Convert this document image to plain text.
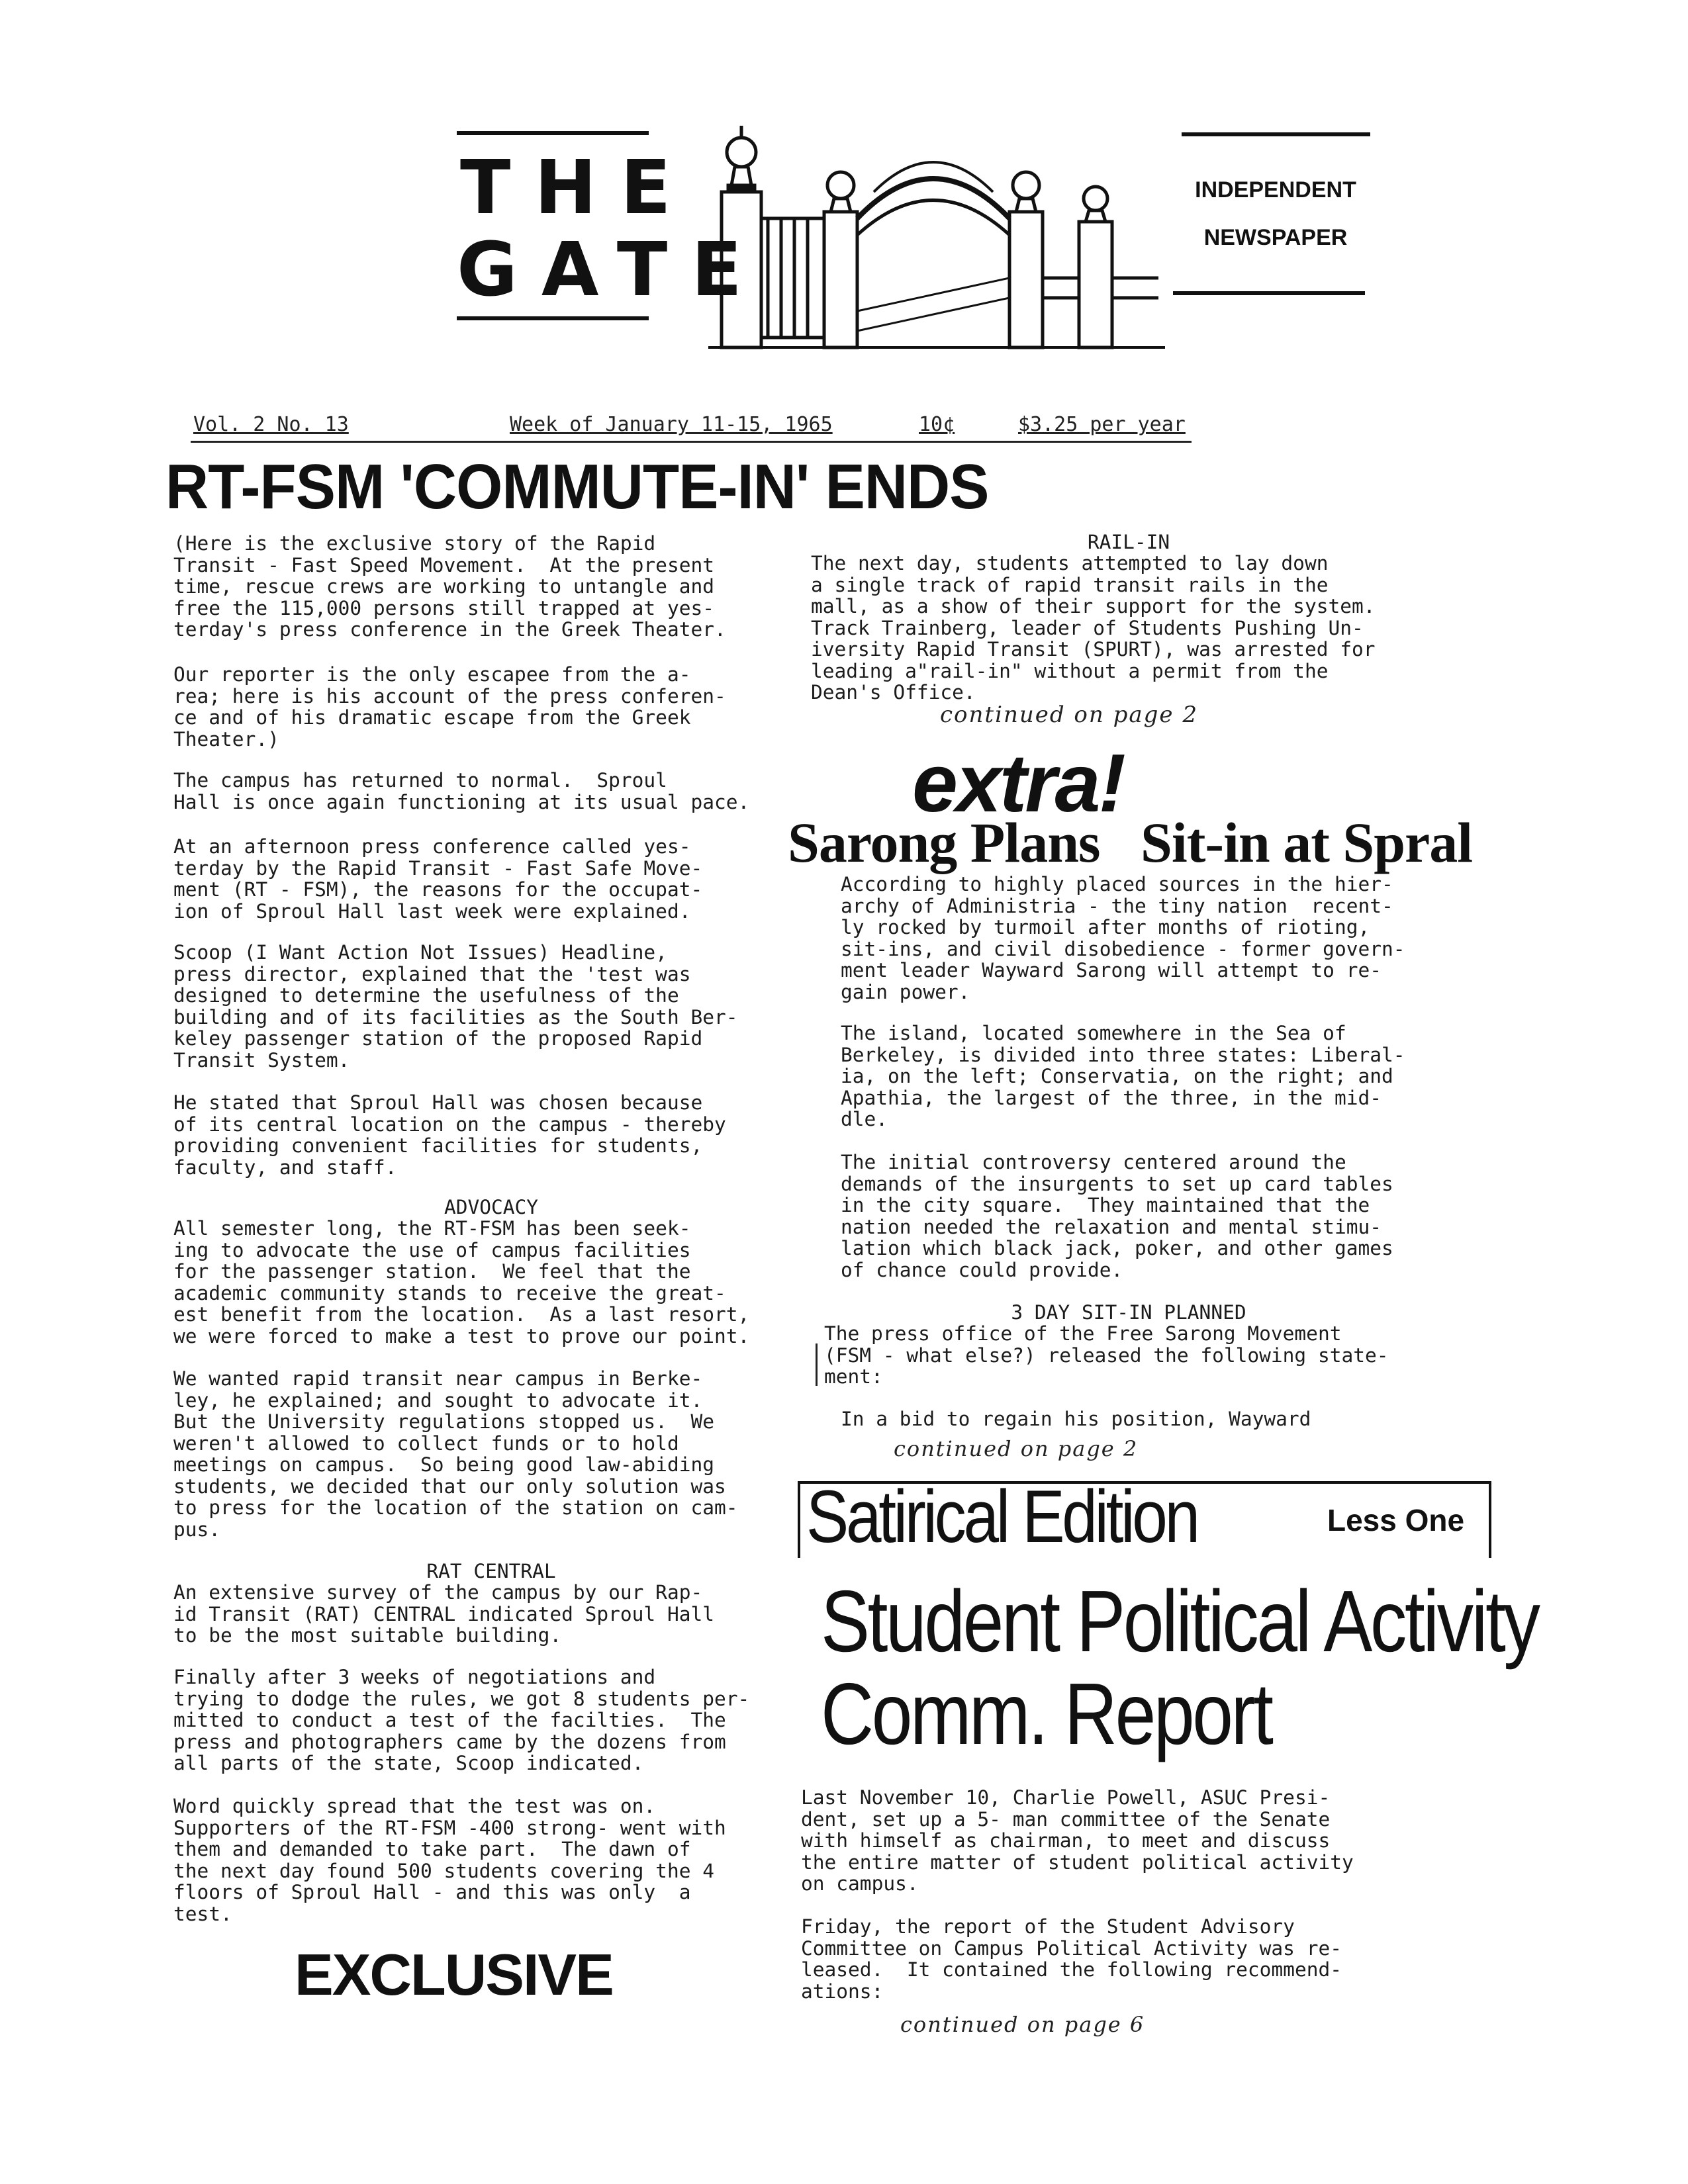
THE
GATE
INDEPENDENT
NEWSPAPER
Vol. 2 No. 13	Week of January 11-15, 1965	10¢	$3.25 per year
RT-FSM 'COMMUTE-IN' ENDS
(Here is the exclusive story of the Rapid
Transit - Fast Speed Movement.  At the present
time, rescue crews are working to untangle and
free the 115,000 persons still trapped at yes-
terday's press conference in the Greek Theater.
Our reporter is the only escapee from the a-
rea; here is his account of the press conferen-
ce and of his dramatic escape from the Greek
Theater.)
The campus has returned to normal.  Sproul
Hall is once again functioning at its usual pace.
At an afternoon press conference called yes-
terday by the Rapid Transit - Fast Safe Move-
ment (RT - FSM), the reasons for the occupat-
ion of Sproul Hall last week were explained.
Scoop (I Want Action Not Issues) Headline,
press director, explained that the 'test was
designed to determine the usefulness of the
building and of its facilities as the South Ber-
keley passenger station of the proposed Rapid
Transit System.
He stated that Sproul Hall was chosen because
of its central location on the campus - thereby
providing convenient facilities for students,
faculty, and staff.
ADVOCACY
All semester long, the RT-FSM has been seek-
ing to advocate the use of campus facilities
for the passenger station.  We feel that the
academic community stands to receive the great-
est benefit from the location.  As a last resort,
we were forced to make a test to prove our point.
We wanted rapid transit near campus in Berke-
ley, he explained; and sought to advocate it.
But the University regulations stopped us.  We
weren't allowed to collect funds or to hold
meetings on campus.  So being good law-abiding
students, we decided that our only solution was
to press for the location of the station on cam-
pus.
RAT CENTRAL
An extensive survey of the campus by our Rap-
id Transit (RAT) CENTRAL indicated Sproul Hall
to be the most suitable building.
Finally after 3 weeks of negotiations and
trying to dodge the rules, we got 8 students per-
mitted to conduct a test of the facilties.  The
press and photographers came by the dozens from
all parts of the state, Scoop indicated.
Word quickly spread that the test was on.
Supporters of the RT-FSM -400 strong- went with
them and demanded to take part.  The dawn of
the next day found 500 students covering the 4
floors of Sproul Hall - and this was only  a
test.
EXCLUSIVE
RAIL-IN
The next day, students attempted to lay down
a single track of rapid transit rails in the
mall, as a show of their support for the system.
Track Trainberg, leader of Students Pushing Un-
iversity Rapid Transit (SPURT), was arrested for
leading a"rail-in" without a permit from the
Dean's Office.
continued on page 2
extra!
Sarong Plans Sit-in at Spral
According to highly placed sources in the hier-
archy of Administria - the tiny nation  recent-
ly rocked by turmoil after months of rioting,
sit-ins, and civil disobedience - former govern-
ment leader Wayward Sarong will attempt to re-
gain power.
The island, located somewhere in the Sea of
Berkeley, is divided into three states: Liberal-
ia, on the left; Conservatia, on the right; and
Apathia, the largest of the three, in the mid-
dle.
The initial controversy centered around the
demands of the insurgents to set up card tables
in the city square.  They maintained that the
nation needed the relaxation and mental stimu-
lation which black jack, poker, and other games
of chance could provide.
3 DAY SIT-IN PLANNED
The press office of the Free Sarong Movement
(FSM - what else?) released the following state-
ment:
In a bid to regain his position, Wayward
continued on page 2
Satirical Edition	Less One
Student Political Activity
Comm. Report
Last November 10, Charlie Powell, ASUC Presi-
dent, set up a 5- man committee of the Senate
with himself as chairman, to meet and discuss
the entire matter of student political activity
on campus.
Friday, the report of the Student Advisory
Committee on Campus Political Activity was re-
leased.  It contained the following recommend-
ations:
continued on page 6
